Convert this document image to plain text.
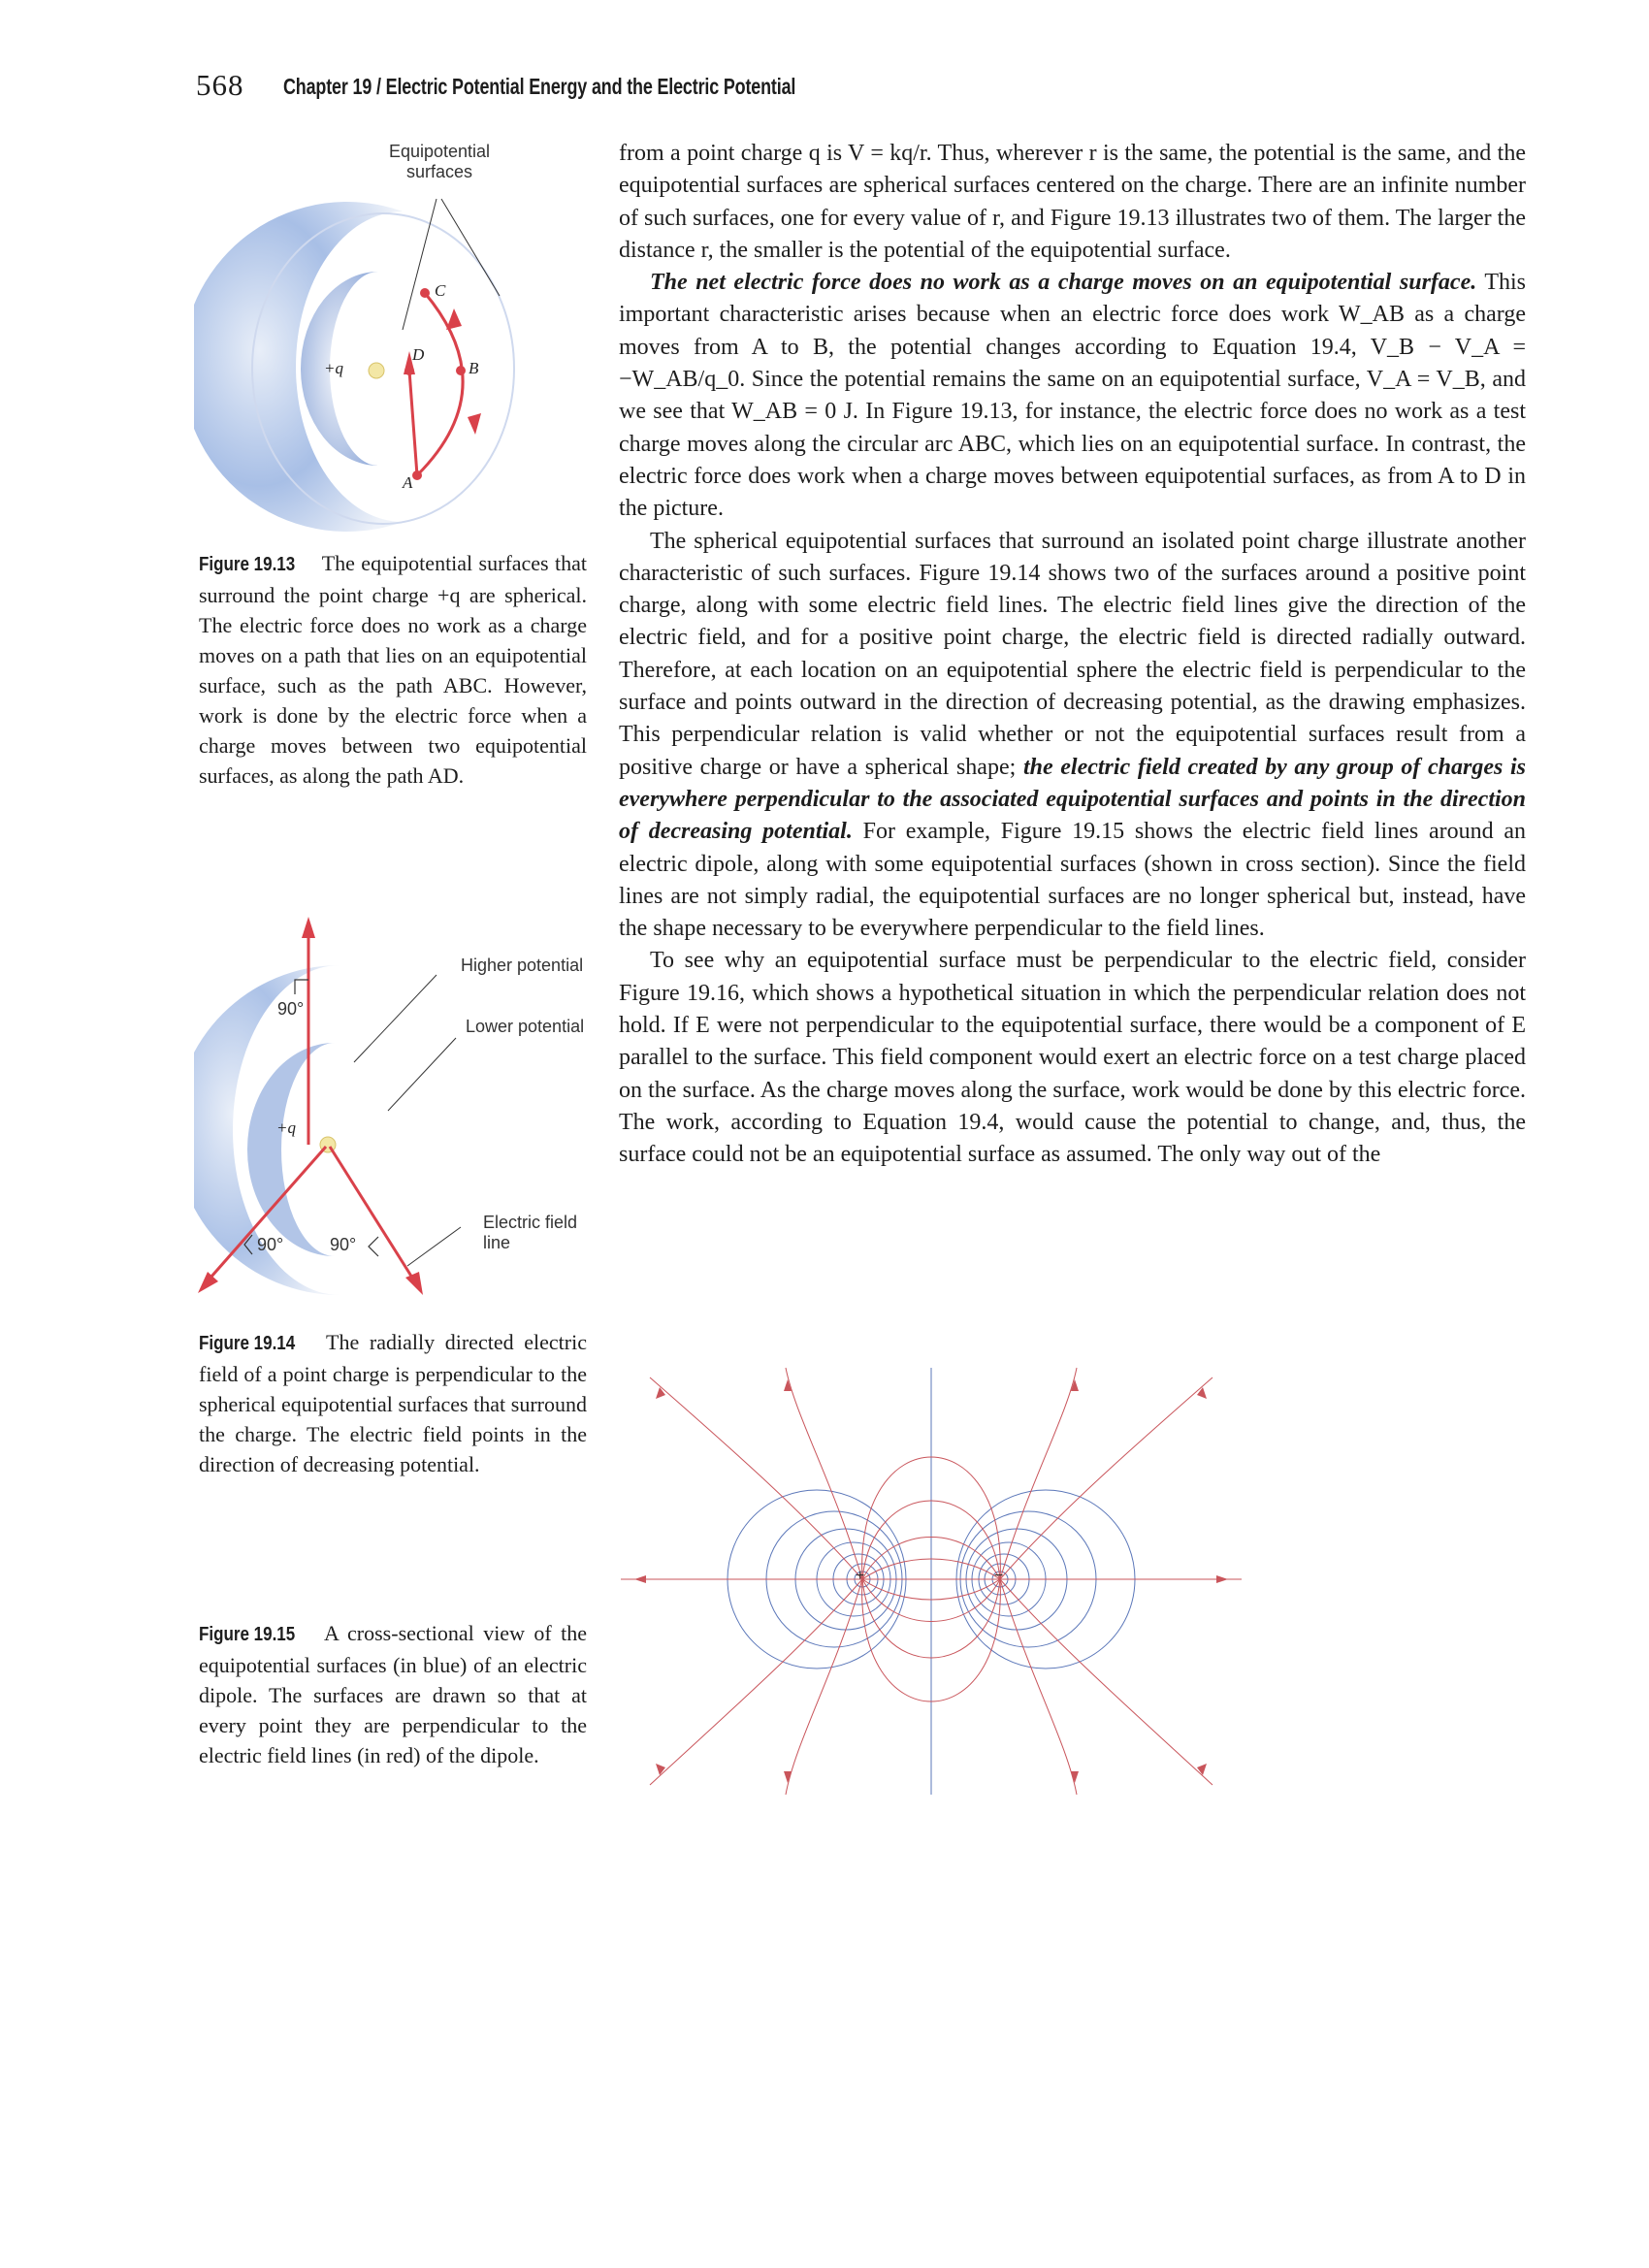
568 Chapter 19 / Electric Potential Energy and the Electric Potential
Equipotential
surfaces
C
D
B
A
+q
Figure 19.13 The equipotential surfaces that surround the point charge +q are spherical. The electric force does no work as a charge moves on a path that lies on an equipotential surface, such as the path ABC. However, work is done by the electric force when a charge moves between two equipotential surfaces, as along the path AD.
Higher potential
Lower potential
Electric field
line
90°
90°	90°
+q
Figure 19.14 The radially directed electric field of a point charge is perpendicular to the spherical equipotential surfaces that surround the charge. The electric field points in the direction of decreasing potential.
Figure 19.15 A cross-sectional view of the equipotential surfaces (in blue) of an electric dipole. The surfaces are drawn so that at every point they are perpendicular to the electric field lines (in red) of the dipole.
+	−

from a point charge q is V = kq/r. Thus, wherever r is the same, the potential is the same, and the equipotential surfaces are spherical surfaces centered on the charge. There are an infinite number of such surfaces, one for every value of r, and Figure 19.13 illustrates two of them. The larger the distance r, the smaller is the potential of the equipotential surface.

The net electric force does no work as a charge moves on an equipotential surface. This important characteristic arises because when an electric force does work W_AB as a charge moves from A to B, the potential changes according to Equation 19.4, V_B − V_A = −W_AB/q_0. Since the potential remains the same on an equipotential surface, V_A = V_B, and we see that W_AB = 0 J. In Figure 19.13, for instance, the electric force does no work as a test charge moves along the circular arc ABC, which lies on an equipotential surface. In contrast, the electric force does work when a charge moves between equipotential surfaces, as from A to D in the picture.

The spherical equipotential surfaces that surround an isolated point charge illustrate another characteristic of such surfaces. Figure 19.14 shows two of the surfaces around a positive point charge, along with some electric field lines. The electric field lines give the direction of the electric field, and for a positive point charge, the electric field is directed radially outward. Therefore, at each location on an equipotential sphere the electric field is perpendicular to the surface and points outward in the direction of decreasing potential, as the drawing emphasizes. This perpendicular relation is valid whether or not the equipotential surfaces result from a positive charge or have a spherical shape; the electric field created by any group of charges is everywhere perpendicular to the associated equipotential surfaces and points in the direction of decreasing potential. For example, Figure 19.15 shows the electric field lines around an electric dipole, along with some equipotential surfaces (shown in cross section). Since the field lines are not simply radial, the equipotential surfaces are no longer spherical but, instead, have the shape necessary to be everywhere perpendicular to the field lines.

To see why an equipotential surface must be perpendicular to the electric field, consider Figure 19.16, which shows a hypothetical situation in which the perpendicular relation does not hold. If E were not perpendicular to the equipotential surface, there would be a component of E parallel to the surface. This field component would exert an electric force on a test charge placed on the surface. As the charge moves along the surface, work would be done by this electric force. The work, according to Equation 19.4, would cause the potential to change, and, thus, the surface could not be an equipotential surface as assumed. The only way out of the
